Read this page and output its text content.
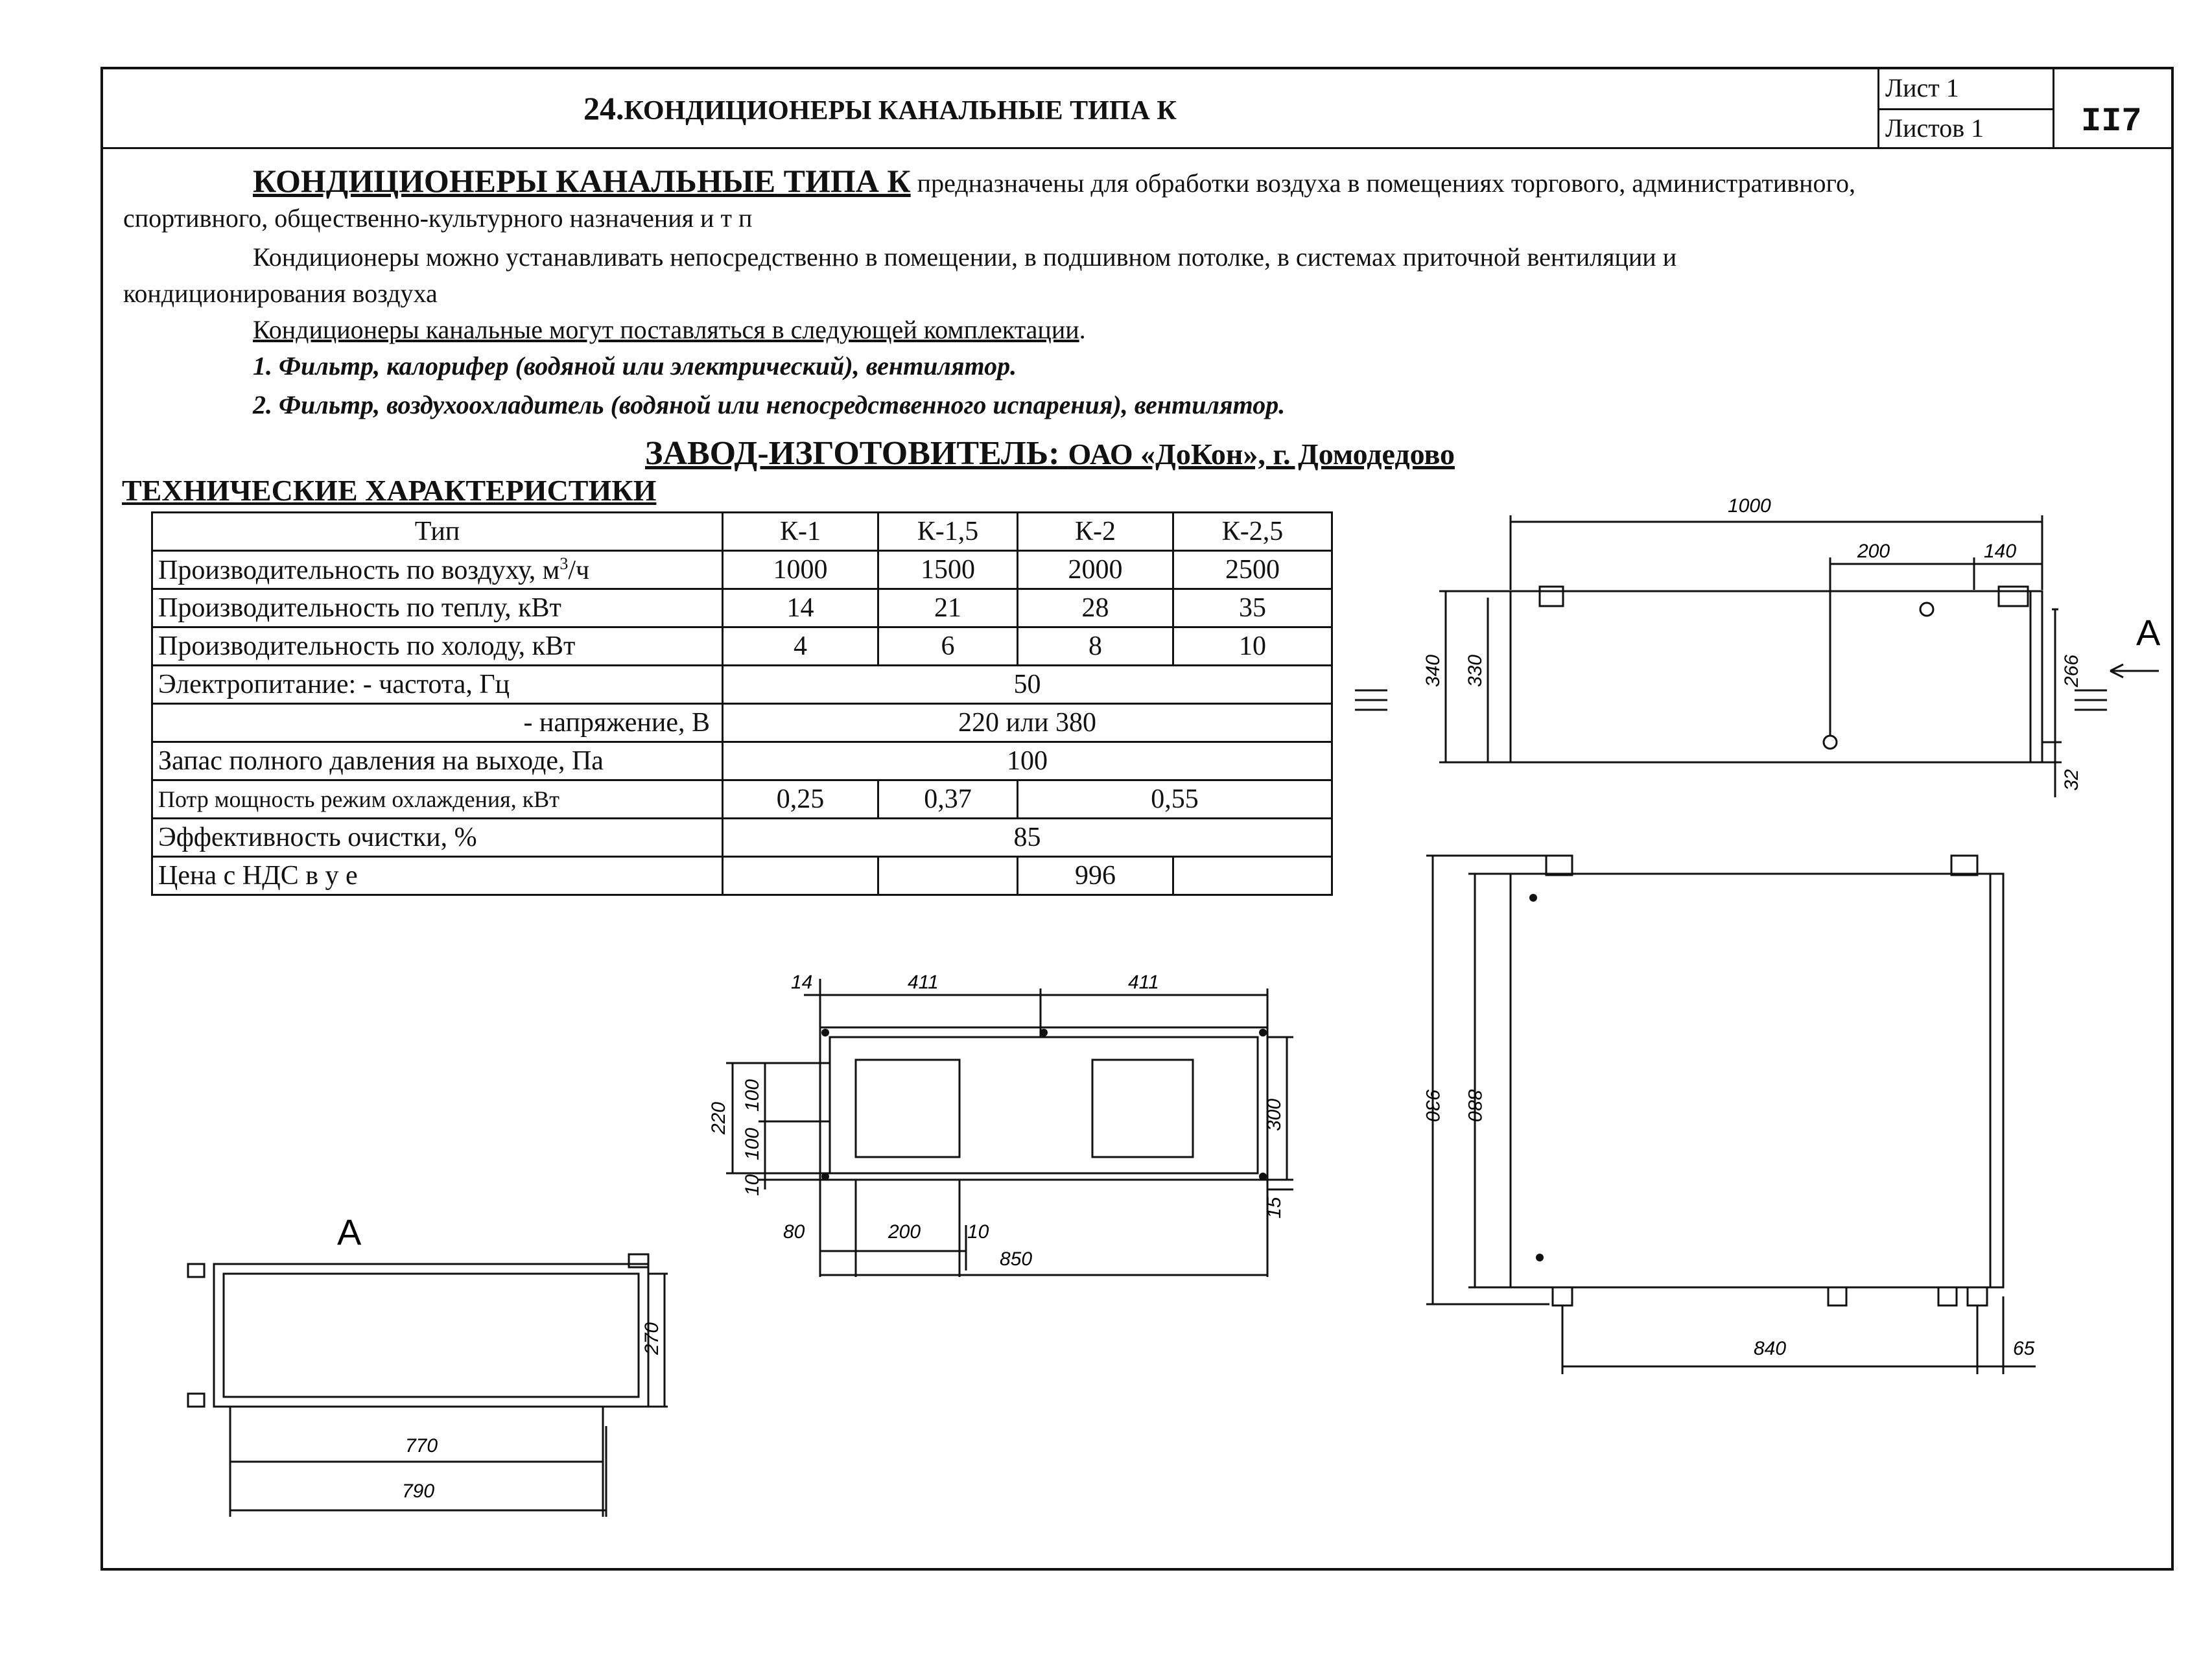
24.КОНДИЦИОНЕРЫ КАНАЛЬНЫЕ ТИПА К
Лист 1
Листов 1	II7
КОНДИЦИОНЕРЫ КАНАЛЬНЫЕ ТИПА К предназначены для обработки воздуха в помещениях торгового, административного,
спортивного, общественно-культурного назначения и т п
Кондиционеры можно устанавливать непосредственно в помещении, в подшивном потолке, в системах приточной вентиляции и
кондиционирования воздуха
Кондиционеры канальные могут поставляться в следующей комплектации.
1. Фильтр, калорифер (водяной или электрический), вентилятор.
2. Фильтр, воздухоохладитель (водяной или непосредственного испарения), вентилятор.
ЗАВОД-ИЗГОТОВИТЕЛЬ: ОАО «ДоКон», г. Домодедово
ТЕХНИЧЕСКИЕ ХАРАКТЕРИСТИКИ
Тип	К-1	К-1,5	К-2	К-2,5
Производительность по воздуху, $м^3/ч$	1000	1500	2000	2500
Производительность по теплу, кВт	14	21	28	35
Производительность по холоду, кВт	4	6	8	10
Электропитание: - частота, Гц	50			
- напряжение, В	220 или 380			
Запас полного давления на выходе, Па	100			
Потр мощность режим охлаждения, кВт	0,25	0,37	0,55	
Эффективность очистки, %	85			
Цена с НДС в у е			996	
1000
200	140
340 330	266
32
A
930 880
840	65
14	411	411
220
100
100
10
300
15
80	200 10
850
A
270
770
790
